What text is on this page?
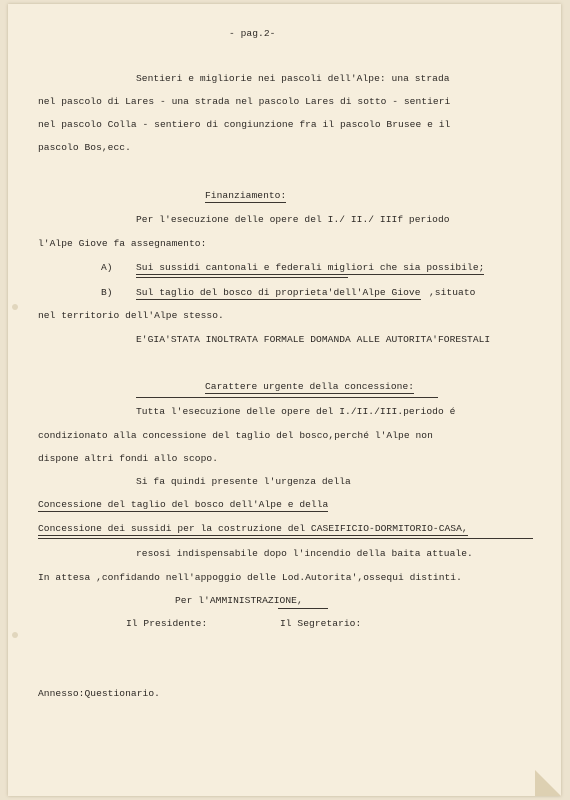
- pag.2-
Sentieri e migliorie nei pascoli dell'Alpe: una strada
nel pascolo di Lares - una strada nel pascolo Lares di sotto - sentieri
nel pascolo Colla - sentiero di congiunzione fra il pascolo Brusee e il
pascolo Bos,ecc.
Finanziamento:
Per l'esecuzione delle opere del I./ II./ IIIf periodo
l'Alpe Giove fa assegnamento:
A) Sui sussidi cantonali e federali migliori che sia possibile;
B) Sul taglio del bosco di proprieta'dell'Alpe Giove ,situato
nel territorio dell'Alpe stesso.
E'GIA'STATA INOLTRATA FORMALE DOMANDA ALLE AUTORITA'FORESTALI
Carattere urgente della concessione:
Tutta l'esecuzione delle opere del I./II./III.periodo é
condizionato alla concessione del taglio del bosco,perché l'Alpe non
dispone altri fondi allo scopo.
Si fa quindi presente l'urgenza della
Concessione del taglio del bosco dell'Alpe e della
Concessione dei sussidi per la costruzione del CASEIFICIO-DORMITORIO-CASA,
resosi indispensabile dopo l'incendio della baita attuale.
In attesa ,confidando nell'appoggio delle Lod.Autorita',ossequi distinti.
Per l'AMMINISTRAZIONE,
Il Presidente:	Il Segretario:
Annesso:Questionario.
